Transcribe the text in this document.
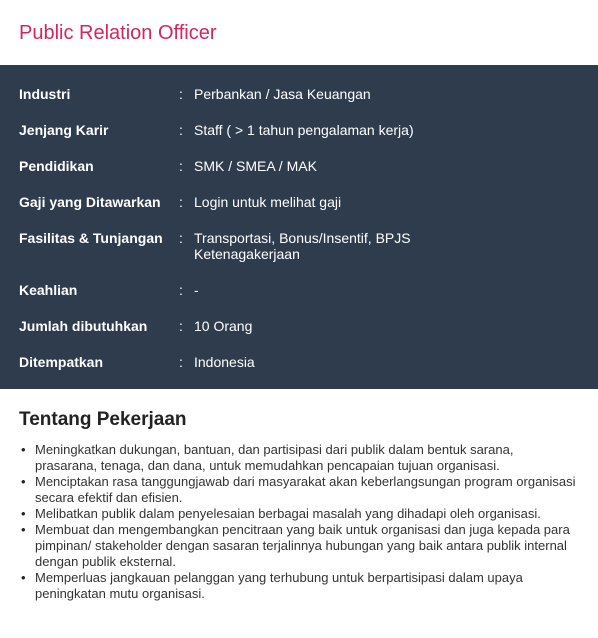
Public Relation Officer
Industri	: Perbankan / Jasa Keuangan
Jenjang Karir	: Staff ( > 1 tahun pengalaman kerja)
Pendidikan	: SMK / SMEA / MAK
Gaji yang Ditawarkan	: Login untuk melihat gaji
Fasilitas & Tunjangan	: Transportasi, Bonus/Insentif, BPJS Ketenagakerjaan
Keahlian	: -
Jumlah dibutuhkan	: 10 Orang
Ditempatkan	: Indonesia
Tentang Pekerjaan
• Meningkatkan dukungan, bantuan, dan partisipasi dari publik dalam bentuk sarana, prasarana, tenaga, dan dana, untuk memudahkan pencapaian tujuan organisasi.
• Menciptakan rasa tanggungjawab dari masyarakat akan keberlangsungan program organisasi secara efektif dan efisien.
• Melibatkan publik dalam penyelesaian berbagai masalah yang dihadapi oleh organisasi.
• Membuat dan mengembangkan pencitraan yang baik untuk organisasi dan juga kepada para pimpinan/ stakeholder dengan sasaran terjalinnya hubungan yang baik antara publik internal dengan publik eksternal.
• Memperluas jangkauan pelanggan yang terhubung untuk berpartisipasi dalam upaya peningkatan mutu organisasi.
